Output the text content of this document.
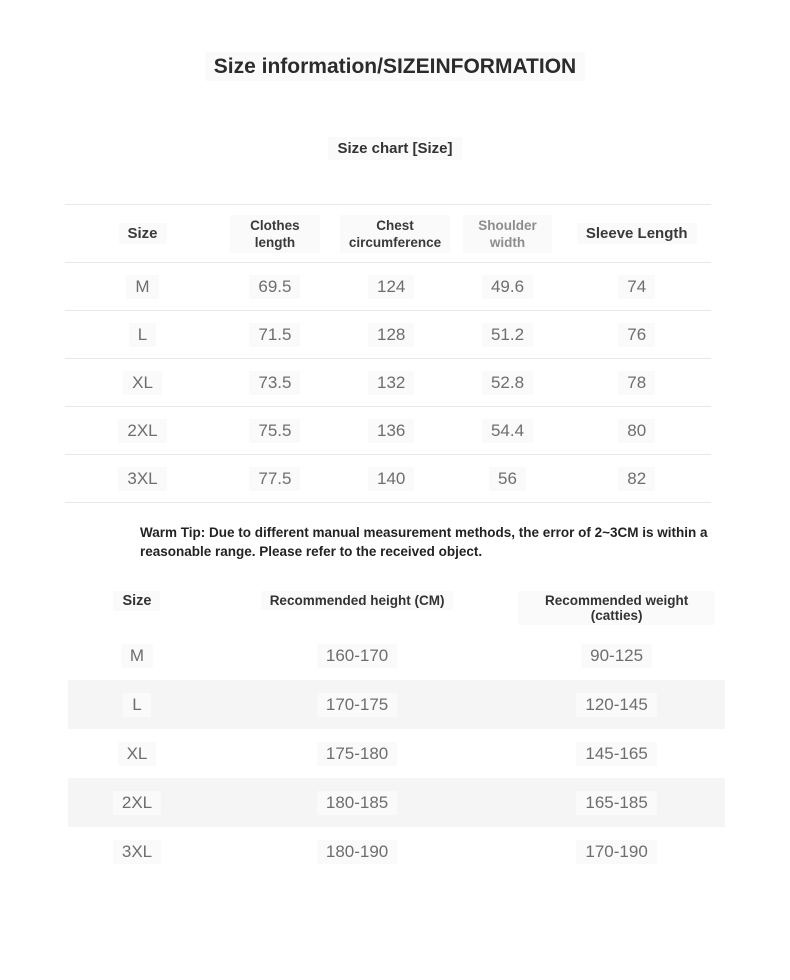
Size information/SIZEINFORMATION
Size chart [Size]
Size	Clothes length	Chest circumference	Shoulder width	Sleeve Length
M	69.5	124	49.6	74
L	71.5	128	51.2	76
XL	73.5	132	52.8	78
2XL	75.5	136	54.4	80
3XL	77.5	140	56	82

Warm Tip: Due to different manual measurement methods, the error of 2~3CM is within a reasonable range. Please refer to the received object.

Size	Recommended height (CM)	Recommended weight (catties)
M	160-170	90-125
L	170-175	120-145
XL	175-180	145-165
2XL	180-185	165-185
3XL	180-190	170-190
